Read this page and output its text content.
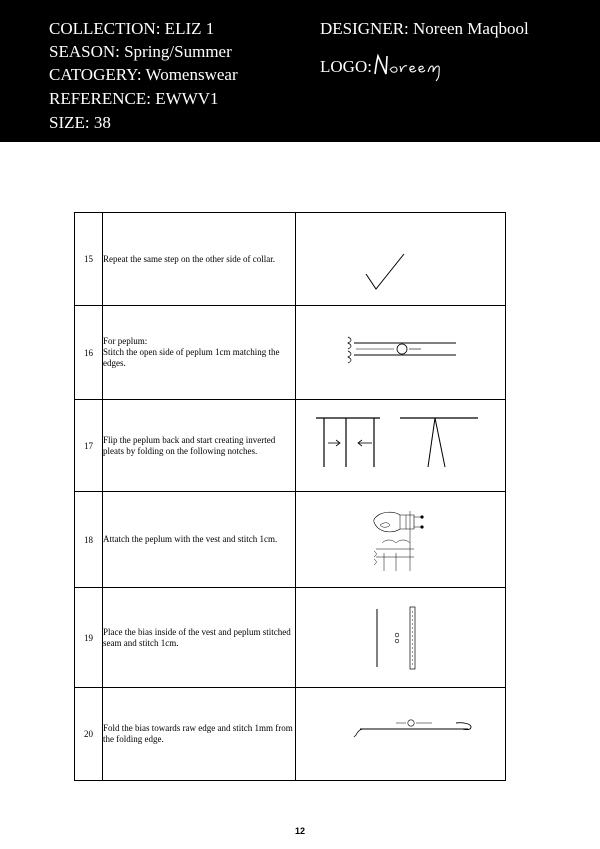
COLLECTION: ELIZ 1
SEASON: Spring/Summer
CATOGERY: Womenswear
REFERENCE: EWWV1
SIZE: 38
DESIGNER: Noreen Maqbool
LOGO:
15	Repeat the same step on the other side of collar.	

16	For peplum:
Stitch the open side of peplum 1cm matching the edges.	

17	Flip the peplum back and start creating inverted pleats by folding on the following notches.	

18	Attatch the peplum with the vest and stitch 1cm.	

19	Place the bias inside of the vest and peplum stitched seam and stitch 1cm.	

20	Fold the bias towards raw edge and stitch 1mm from the folding edge.	
12
